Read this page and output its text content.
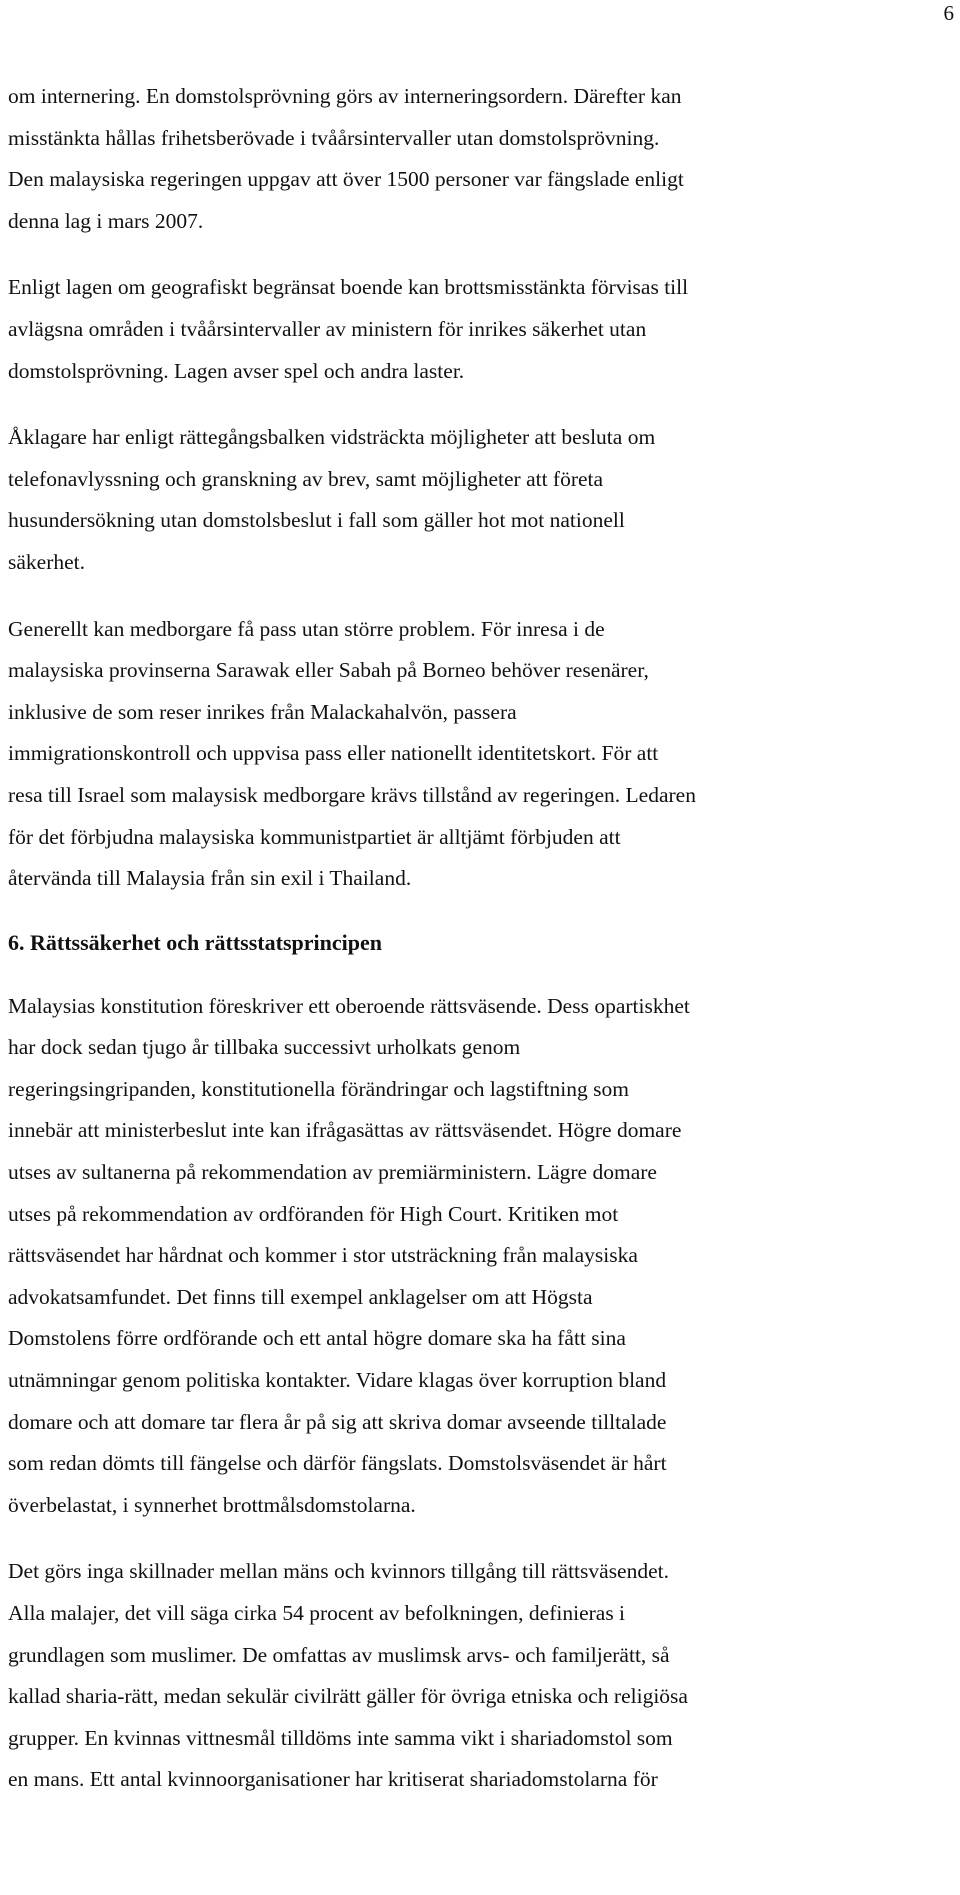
6

om internering. En domstolsprövning görs av interneringsordern. Därefter kan
misstänkta hållas frihetsberövade i tvåårsintervaller utan domstolsprövning.
Den malaysiska regeringen uppgav att över 1500 personer var fängslade enligt
denna lag i mars 2007.

Enligt lagen om geografiskt begränsat boende kan brottsmisstänkta förvisas till
avlägsna områden i tvåårsintervaller av ministern för inrikes säkerhet utan
domstolsprövning. Lagen avser spel och andra laster.

Åklagare har enligt rättegångsbalken vidsträckta möjligheter att besluta om
telefonavlyssning och granskning av brev, samt möjligheter att företa
husundersökning utan domstolsbeslut i fall som gäller hot mot nationell
säkerhet.

Generellt kan medborgare få pass utan större problem. För inresa i de
malaysiska provinserna Sarawak eller Sabah på Borneo behöver resenärer,
inklusive de som reser inrikes från Malackahalvön, passera
immigrationskontroll och uppvisa pass eller nationellt identitetskort. För att
resa till Israel som malaysisk medborgare krävs tillstånd av regeringen. Ledaren
för det förbjudna malaysiska kommunistpartiet är alltjämt förbjuden att
återvända till Malaysia från sin exil i Thailand.

6. Rättssäkerhet och rättsstatsprincipen

Malaysias konstitution föreskriver ett oberoende rättsväsende. Dess opartiskhet
har dock sedan tjugo år tillbaka successivt urholkats genom
regeringsingripanden, konstitutionella förändringar och lagstiftning som
innebär att ministerbeslut inte kan ifrågasättas av rättsväsendet. Högre domare
utses av sultanerna på rekommendation av premiärministern. Lägre domare
utses på rekommendation av ordföranden för High Court. Kritiken mot
rättsväsendet har hårdnat och kommer i stor utsträckning från malaysiska
advokatsamfundet. Det finns till exempel anklagelser om att Högsta
Domstolens förre ordförande och ett antal högre domare ska ha fått sina
utnämningar genom politiska kontakter. Vidare klagas över korruption bland
domare och att domare tar flera år på sig att skriva domar avseende tilltalade
som redan dömts till fängelse och därför fängslats. Domstolsväsendet är hårt
överbelastat, i synnerhet brottmålsdomstolarna.

Det görs inga skillnader mellan mäns och kvinnors tillgång till rättsväsendet.
Alla malajer, det vill säga cirka 54 procent av befolkningen, definieras i
grundlagen som muslimer. De omfattas av muslimsk arvs- och familjerätt, så
kallad sharia-rätt, medan sekulär civilrätt gäller för övriga etniska och religiösa
grupper. En kvinnas vittnesmål tilldöms inte samma vikt i shariadomstol som
en mans. Ett antal kvinnoorganisationer har kritiserat shariadomstolarna för
